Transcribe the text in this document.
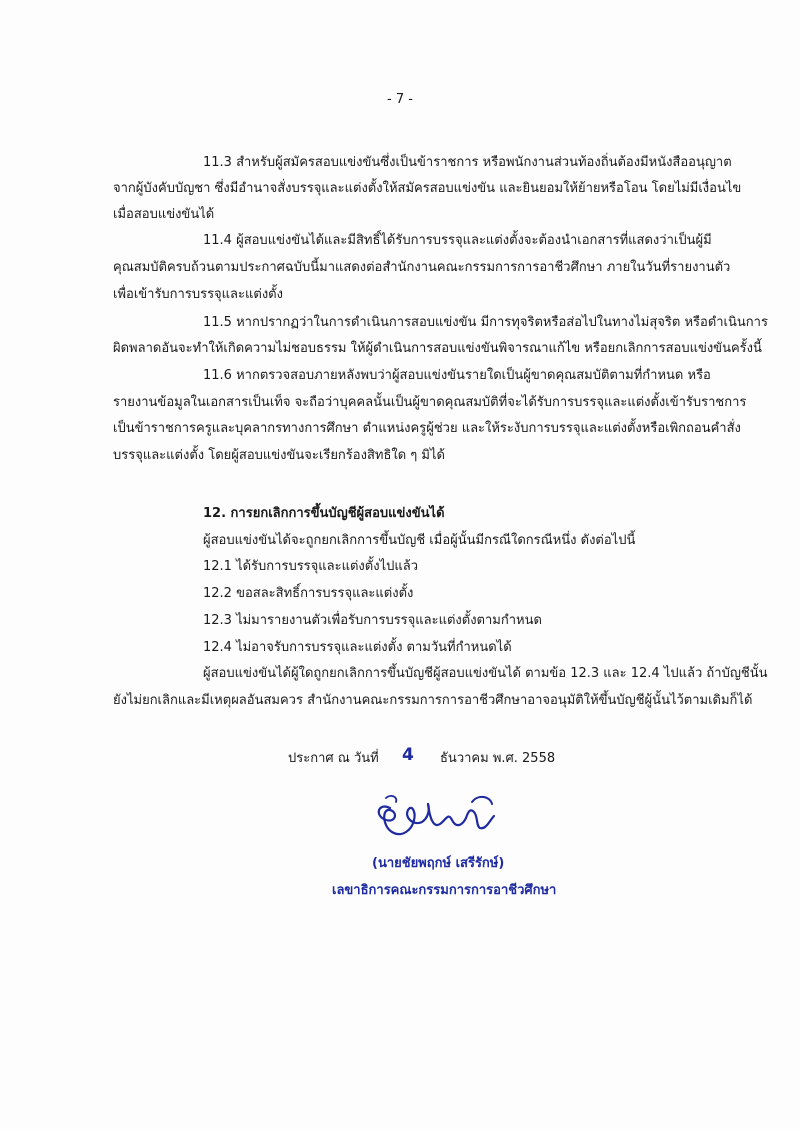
- 7 -
11.3 สำหรับผู้สมัครสอบแข่งขันซึ่งเป็นข้าราชการ หรือพนักงานส่วนท้องถิ่นต้องมีหนังสืออนุญาต
จากผู้บังคับบัญชา ซึ่งมีอำนาจสั่งบรรจุและแต่งตั้งให้สมัครสอบแข่งขัน และยินยอมให้ย้ายหรือโอน โดยไม่มีเงื่อนไข
เมื่อสอบแข่งขันได้
11.4 ผู้สอบแข่งขันได้และมีสิทธิ์ได้รับการบรรจุและแต่งตั้งจะต้องนำเอกสารที่แสดงว่าเป็นผู้มี
คุณสมบัติครบถ้วนตามประกาศฉบับนี้มาแสดงต่อสำนักงานคณะกรรมการการอาชีวศึกษา ภายในวันที่รายงานตัว
เพื่อเข้ารับการบรรจุและแต่งตั้ง
11.5 หากปรากฏว่าในการดำเนินการสอบแข่งขัน มีการทุจริตหรือส่อไปในทางไม่สุจริต หรือดำเนินการ
ผิดพลาดอันจะทำให้เกิดความไม่ชอบธรรม ให้ผู้ดำเนินการสอบแข่งขันพิจารณาแก้ไข หรือยกเลิกการสอบแข่งขันครั้งนี้
11.6 หากตรวจสอบภายหลังพบว่าผู้สอบแข่งขันรายใดเป็นผู้ขาดคุณสมบัติตามที่กำหนด หรือ
รายงานข้อมูลในเอกสารเป็นเท็จ จะถือว่าบุคคลนั้นเป็นผู้ขาดคุณสมบัติที่จะได้รับการบรรจุและแต่งตั้งเข้ารับราชการ
เป็นข้าราชการครูและบุคลากรทางการศึกษา ตำแหน่งครูผู้ช่วย และให้ระงับการบรรจุและแต่งตั้งหรือเพิกถอนคำสั่ง
บรรจุและแต่งตั้ง โดยผู้สอบแข่งขันจะเรียกร้องสิทธิใด ๆ มิได้
12. การยกเลิกการขึ้นบัญชีผู้สอบแข่งขันได้
ผู้สอบแข่งขันได้จะถูกยกเลิกการขึ้นบัญชี เมื่อผู้นั้นมีกรณีใดกรณีหนึ่ง ดังต่อไปนี้
12.1 ได้รับการบรรจุและแต่งตั้งไปแล้ว
12.2 ขอสละสิทธิ์การบรรจุและแต่งตั้ง
12.3 ไม่มารายงานตัวเพื่อรับการบรรจุและแต่งตั้งตามกำหนด
12.4 ไม่อาจรับการบรรจุและแต่งตั้ง ตามวันที่กำหนดได้
ผู้สอบแข่งขันได้ผู้ใดถูกยกเลิกการขึ้นบัญชีผู้สอบแข่งขันได้ ตามข้อ 12.3 และ 12.4 ไปแล้ว ถ้าบัญชีนั้น
ยังไม่ยกเลิกและมีเหตุผลอันสมควร สำนักงานคณะกรรมการการอาชีวศึกษาอาจอนุมัติให้ขึ้นบัญชีผู้นั้นไว้ตามเดิมก็ได้
ประกาศ ณ วันที่ 4 ธันวาคม พ.ศ. 2558
(นายชัยพฤกษ์ เสรีรักษ์)
เลขาธิการคณะกรรมการการอาชีวศึกษา
